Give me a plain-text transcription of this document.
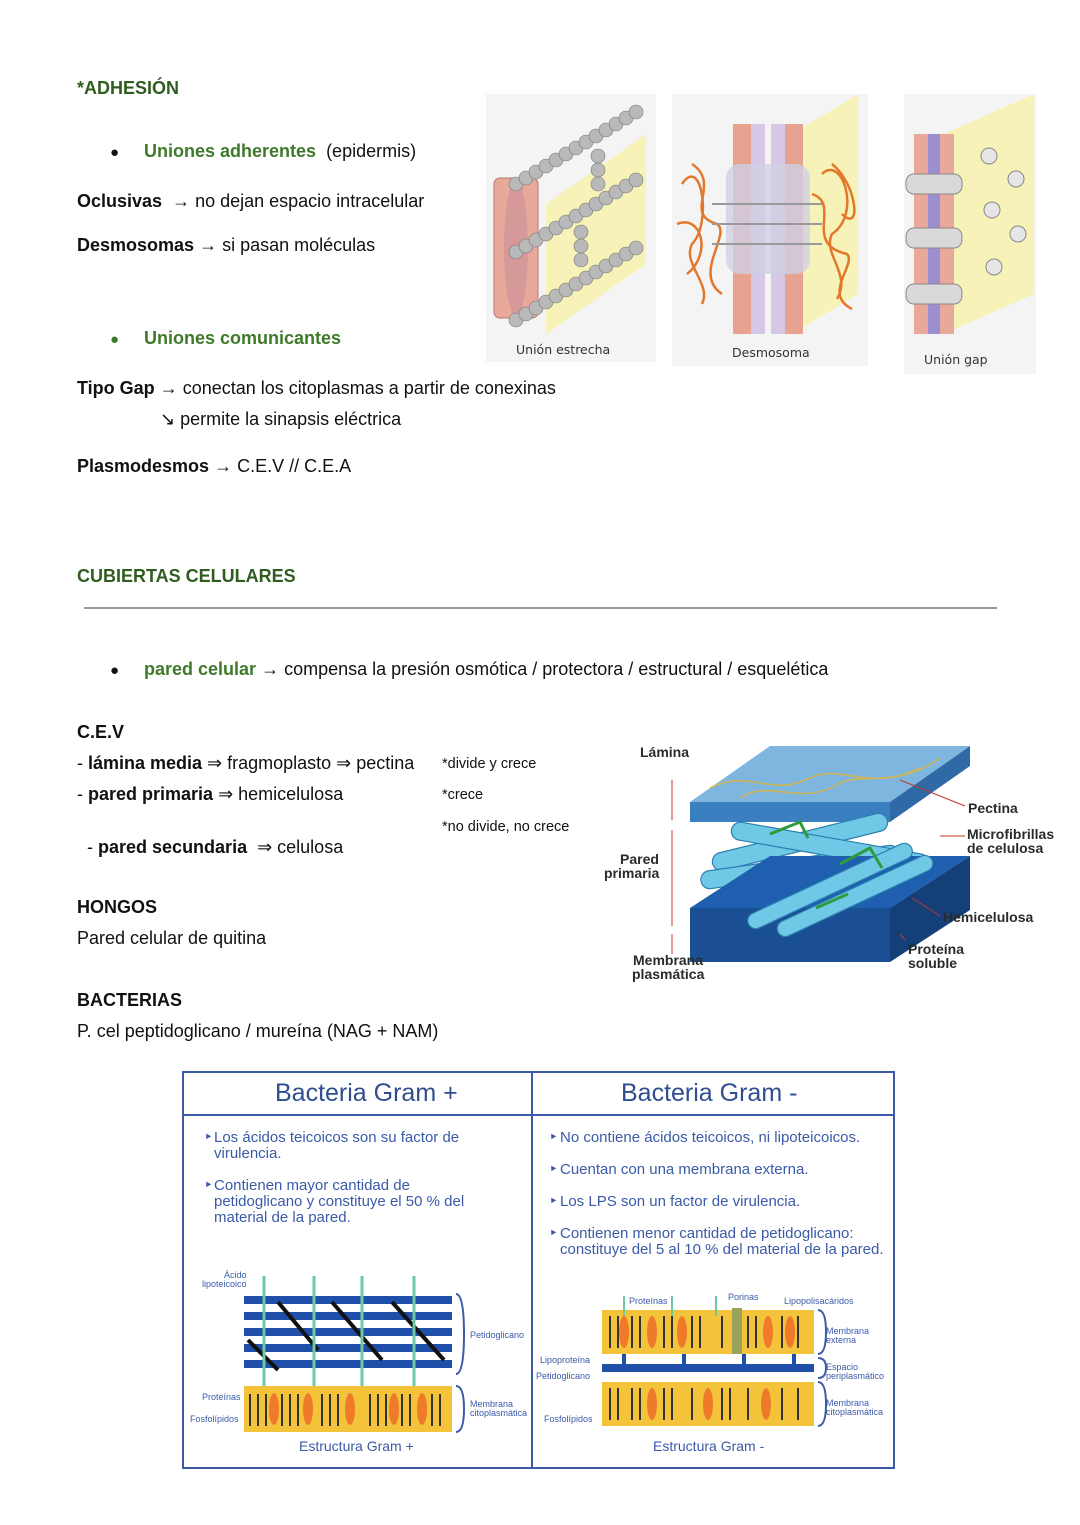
*ADHESIÓN
● Uniones adherentes (epidermis)
Oclusivas → no dejan espacio intracelular
Desmosomas → si pasan moléculas
● Uniones comunicantes
Tipo Gap → conectan los citoplasmas a partir de conexinas
↘ permite la sinapsis eléctrica
Plasmodesmos → C.E.V // C.E.A
Unión estrecha	Desmosoma	Unión gap
CUBIERTAS CELULARES
● pared celular → compensa la presión osmótica / protectora / estructural / esquelética
C.E.V
- lámina media ⇒ fragmoplasto ⇒ pectina *divide y crece
- pared primaria ⇒ hemicelulosa	*crece

- pared secundaria  ⇒ celulosa

*no divide, no crece
HONGOS
Pared celular de quitina
BACTERIAS
P. cel peptidoglicano / mureína (NAG + NAM)
Lámina
Pared
primaria
Membrana
plasmática
Pectina
Microfibrillas
de celulosa
Hemicelulosa
Proteína
soluble
Bacteria Gram +	Bacteria Gram -
‣ Los ácidos teicoicos son su factor de
virulencia.
‣ Contienen mayor cantidad de
petidoglicano y constituye el 50 % del
material de la pared.
‣ No contiene ácidos teicoicos, ni lipoteicoicos.
‣ Cuentan con una membrana externa.
‣ Los LPS son un factor de virulencia.
‣ Contienen menor cantidad de petidoglicano:
constituye del 5 al 10 % del material de la pared.
Ácido
lipoteicoico
Petidoglicano
Proteínas
Fosfolípidos
Membrana
citoplasmática
Estructura Gram +
Proteínas	Porinas	Lipopolisacáridos
Membrana
externa
Lipoproteína
Petidoglicano
Espacio
periplasmático
Fosfolípidos
Membrana
citoplasmática
Estructura Gram -
